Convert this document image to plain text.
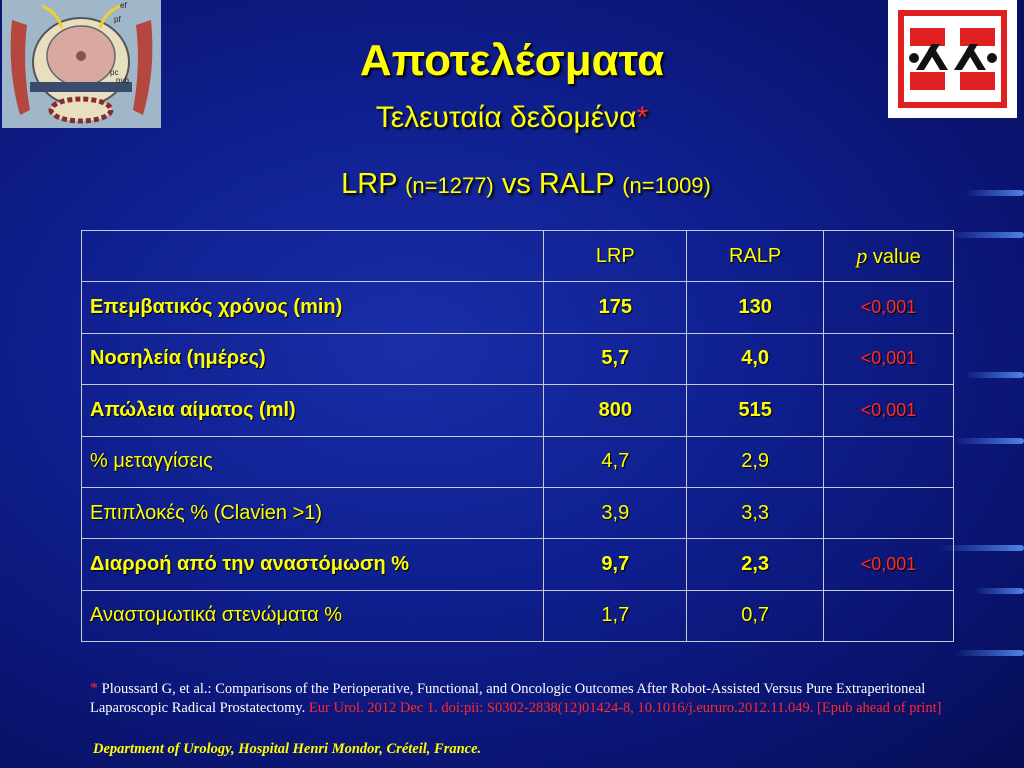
ef
pf
pc
nvb	Αποτελέσματα
Τελευταία δεδομένα*
LRP (n=1277) vs RALP (n=1009)
	LRP	RALP	p value
Επεμβατικός χρόνος (min)	175	130	<0,001
Νοσηλεία (ημέρες)	5,7	4,0	<0,001
Απώλεια αίματος (ml)	800	515	<0,001
% μεταγγίσεις	4,7	2,9	
Επιπλοκές % (Clavien >1)	3,9	3,3	
Διαρροή από την αναστόμωση %	9,7	2,3	<0,001
Αναστομωτικά στενώματα %	1,7	0,7	
* Ploussard G, et al.: Comparisons of the Perioperative, Functional, and Oncologic Outcomes After Robot-Assisted Versus Pure Extraperitoneal Laparoscopic Radical Prostatectomy. Eur Urol. 2012 Dec 1. doi:pii: S0302-2838(12)01424-8, 10.1016/j.eururo.2012.11.049. [Epub ahead of print]
Department of Urology, Hospital Henri Mondor, Créteil, France.
